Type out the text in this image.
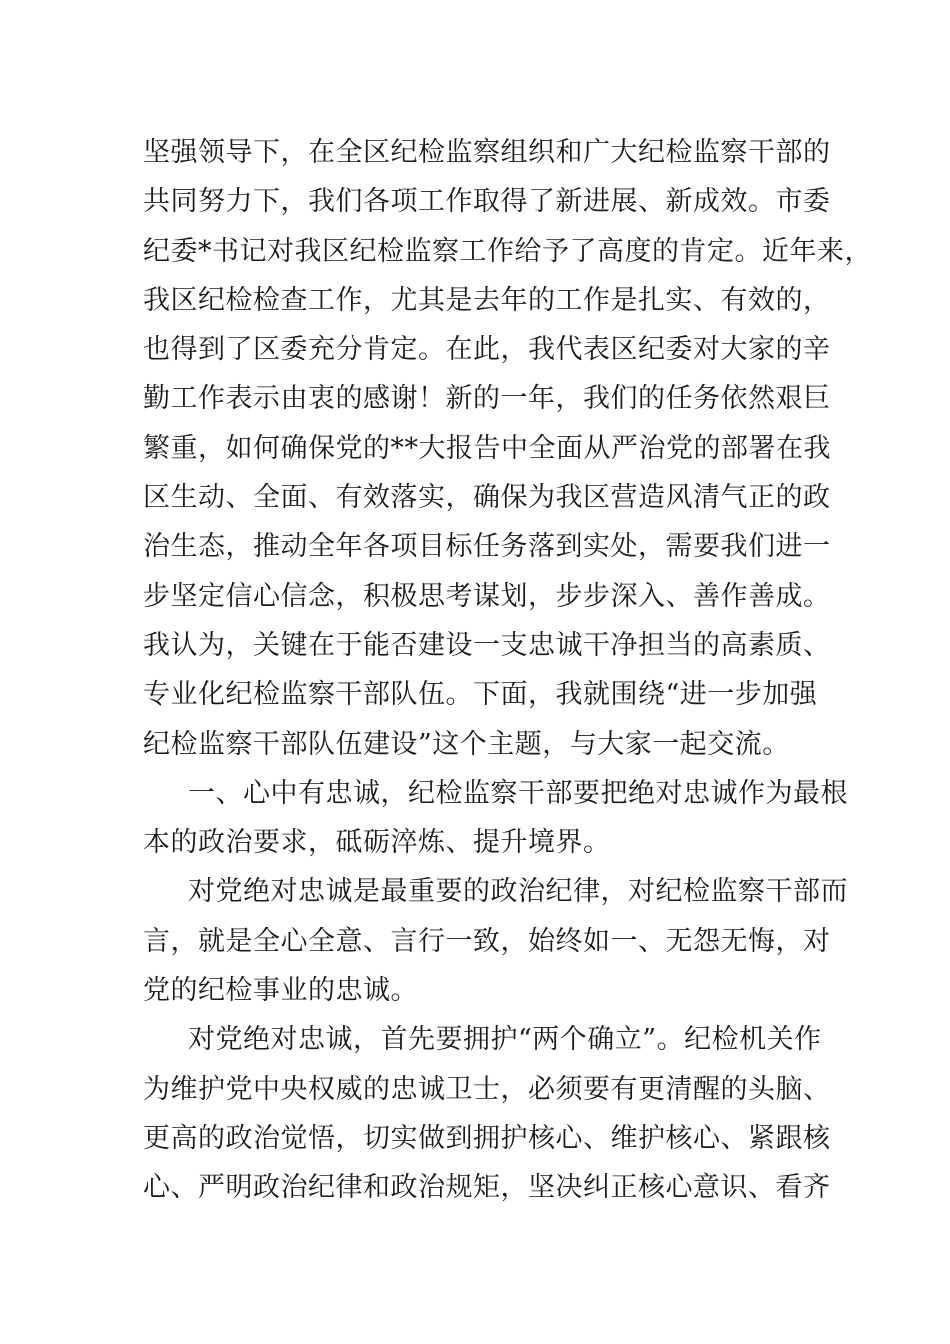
坚强领导下，在全区纪检监察组织和广大纪检监察干部的
共同努力下，我们各项工作取得了新进展、新成效。市委
纪委*书记对我区纪检监察工作给予了高度的肯定。近年来，
我区纪检检查工作，尤其是去年的工作是扎实、有效的，
也得到了区委充分肯定。在此，我代表区纪委对大家的辛
勤工作表示由衷的感谢！新的一年，我们的任务依然艰巨
繁重，如何确保党的**大报告中全面从严治党的部署在我
区生动、全面、有效落实，确保为我区营造风清气正的政
治生态，推动全年各项目标任务落到实处，需要我们进一
步坚定信心信念，积极思考谋划，步步深入、善作善成。
我认为，关键在于能否建设一支忠诚干净担当的高素质、
专业化纪检监察干部队伍。下面，我就围绕“进一步加强
纪检监察干部队伍建设”这个主题，与大家一起交流。
一、心中有忠诚，纪检监察干部要把绝对忠诚作为最根
本的政治要求，砥砺淬炼、提升境界。
对党绝对忠诚是最重要的政治纪律，对纪检监察干部而
言，就是全心全意、言行一致，始终如一、无怨无悔，对
党的纪检事业的忠诚。
对党绝对忠诚，首先要拥护“两个确立”。纪检机关作
为维护党中央权威的忠诚卫士，必须要有更清醒的头脑、
更高的政治觉悟，切实做到拥护核心、维护核心、紧跟核
心、严明政治纪律和政治规矩，坚决纠正核心意识、看齐
